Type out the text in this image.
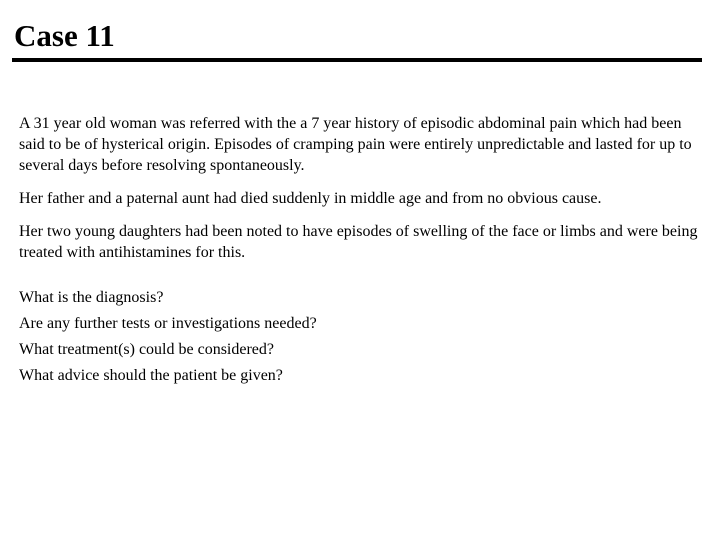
Case 11

A 31 year old woman was referred with the a 7 year history of episodic abdominal pain which had been said to be of hysterical origin. Episodes of cramping pain were entirely unpredictable and lasted for up to several days before resolving spontaneously.

Her father and a paternal aunt had died suddenly in middle age and from no obvious cause.

Her two young daughters had been noted to have episodes of swelling of the face or limbs and were being treated with antihistamines for this.

What is the diagnosis?
Are any further tests or investigations needed?
What treatment(s) could be considered?
What advice should the patient be given?
